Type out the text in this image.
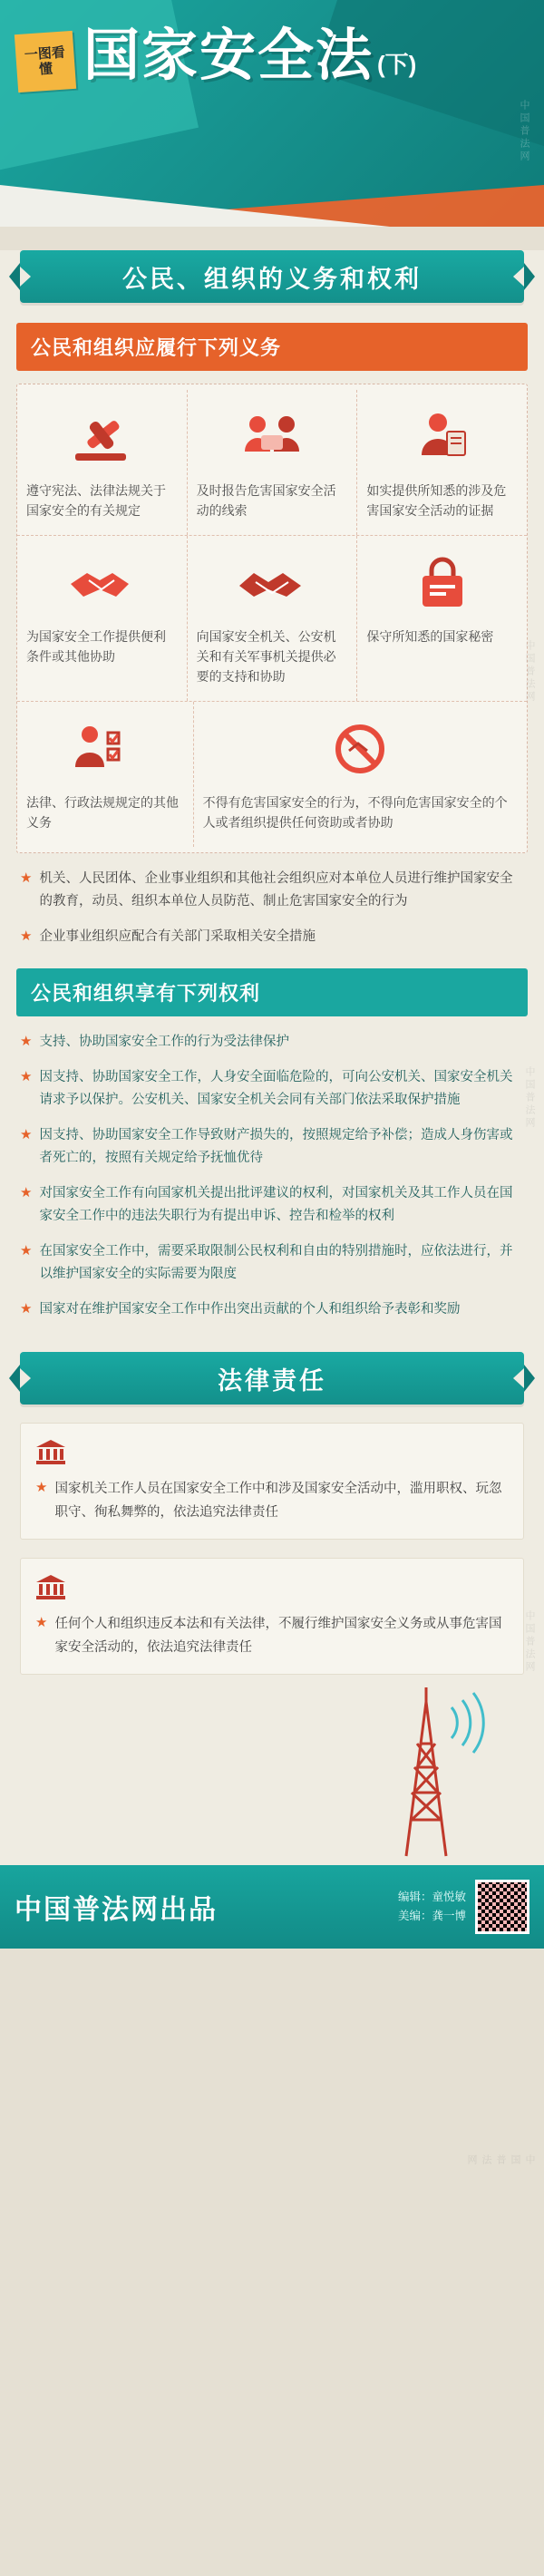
一图看懂 国家安全法 (下)
中国普法网
公民、组织的义务和权利
公民和组织应履行下列义务
遵守宪法、法律法规关于国家安全的有关规定
及时报告危害国家安全活动的线索
如实提供所知悉的涉及危害国家安全活动的证据
为国家安全工作提供便利条件或其他协助
向国家安全机关、公安机关和有关军事机关提供必要的支持和协助
保守所知悉的国家秘密
法律、行政法规规定的其他义务
不得有危害国家安全的行为，不得向危害国家安全的个人或者组织提供任何资助或者协助
★ 机关、人民团体、企业事业组织和其他社会组织应对本单位人员进行维护国家安全的教育，动员、组织本单位人员防范、制止危害国家安全的行为
★ 企业事业组织应配合有关部门采取相关安全措施
公民和组织享有下列权利
★ 支持、协助国家安全工作的行为受法律保护
★ 因支持、协助国家安全工作，人身安全面临危险的，可向公安机关、国家安全机关请求予以保护。公安机关、国家安全机关会同有关部门依法采取保护措施
★ 因支持、协助国家安全工作导致财产损失的，按照规定给予补偿；造成人身伤害或者死亡的，按照有关规定给予抚恤优待
★ 对国家安全工作有向国家机关提出批评建议的权利，对国家机关及其工作人员在国家安全工作中的违法失职行为有提出申诉、控告和检举的权利
★ 在国家安全工作中，需要采取限制公民权利和自由的特别措施时，应依法进行，并以维护国家安全的实际需要为限度
★ 国家对在维护国家安全工作中作出突出贡献的个人和组织给予表彰和奖励
法律责任
★ 国家机关工作人员在国家安全工作中和涉及国家安全活动中，滥用职权、玩忽职守、徇私舞弊的，依法追究法律责任
★ 任何个人和组织违反本法和有关法律，不履行维护国家安全义务或从事危害国家安全活动的，依法追究法律责任
中国普法网
中国普法网
中国普法网
中国普法网
中国普法网出品	编辑：童悦敏
美编：龚一博
